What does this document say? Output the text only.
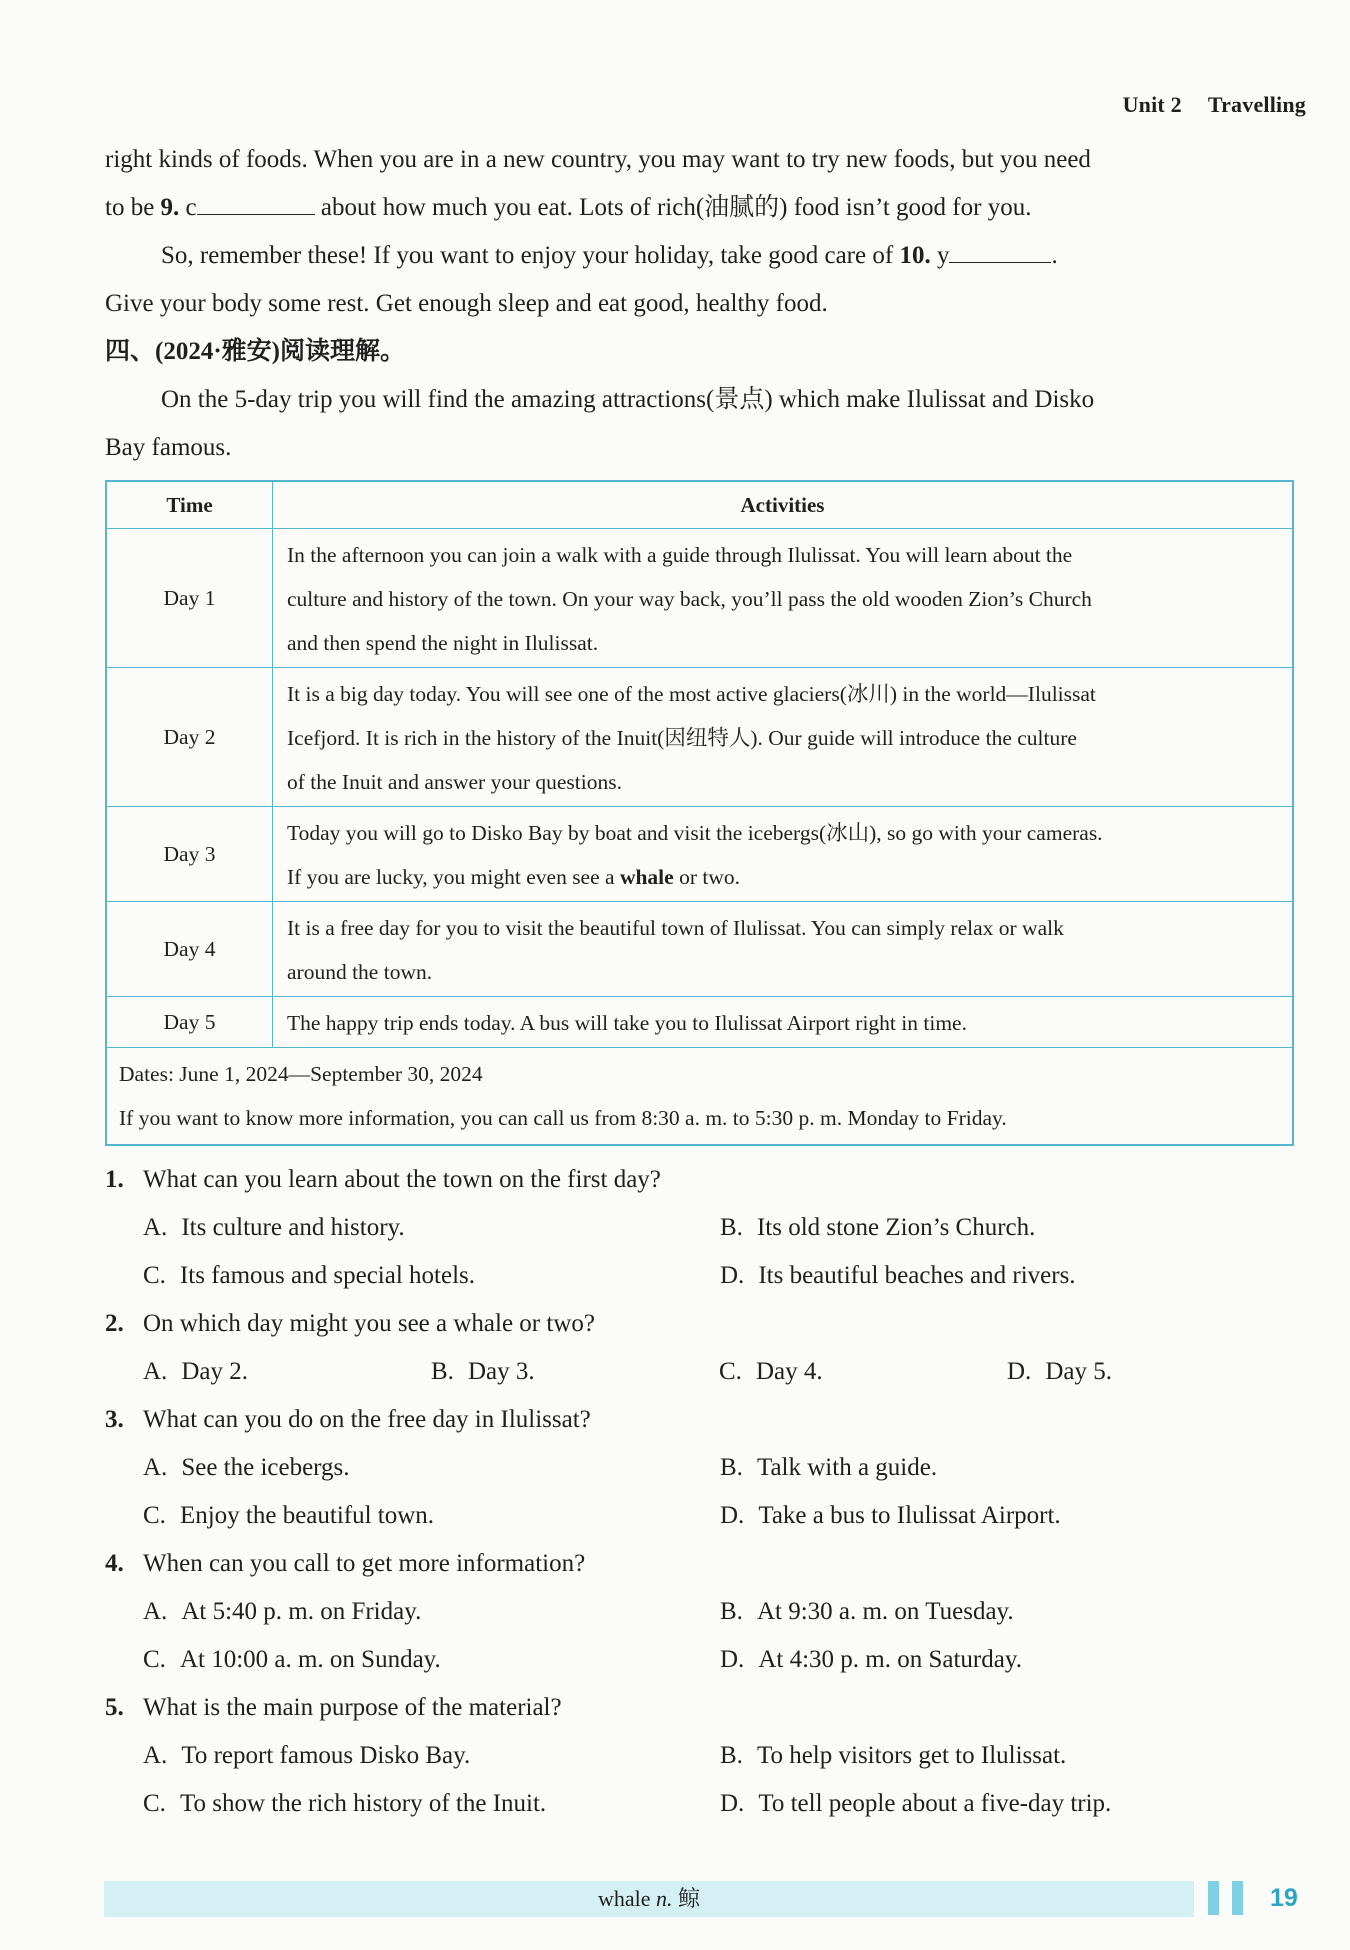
Unit 2 Travelling

right kinds of foods. When you are in a new country, you may want to try new foods, but you need

to be 9. c	about how much you eat. Lots of rich(油腻的) food isn’t good for you.

So, remember these! If you want to enjoy your holiday, take good care of 10. y	.

Give your body some rest. Get enough sleep and eat good, healthy food.

四、(2024·雅安)阅读理解。

On the 5-day trip you will find the amazing attractions(景点) which make Ilulissat and Disko

Bay famous.

Time	Activities
Day 1	In the afternoon you can join a walk with a guide through Ilulissat. You will learn about the
culture and history of the town. On your way back, you’ll pass the old wooden Zion’s Church
and then spend the night in Ilulissat.

Day 2	It is a big day today. You will see one of the most active glaciers(冰川) in the world—Ilulissat
Icefjord. It is rich in the history of the Inuit(因纽特人). Our guide will introduce the culture
of the Inuit and answer your questions.

Day 3	Today you will go to Disko Bay by boat and visit the icebergs(冰山), so go with your cameras.
If you are lucky, you might even see a whale or two.

Day 4	It is a free day for you to visit the beautiful town of Ilulissat. You can simply relax or walk
around the town.

Day 5	The happy trip ends today. A bus will take you to Ilulissat Airport right in time.

Dates: June 1, 2024—September 30, 2024
If you want to know more information, you can call us from 8:30 a. m. to 5:30 p. m. Monday to Friday.	

1. What can you learn about the town on the first day?

A. Its culture and history.	B. Its old stone Zion’s Church.
C. Its famous and special hotels.	D. Its beautiful beaches and rivers.

2. On which day might you see a whale or two?

A. Day 2.	B. Day 3.	C. Day 4.	D. Day 5.

3. What can you do on the free day in Ilulissat?

A. See the icebergs.	B. Talk with a guide.
C. Enjoy the beautiful town.	D. Take a bus to Ilulissat Airport.

4. When can you call to get more information?

A. At 5:40 p. m. on Friday.	B. At 9:30 a. m. on Tuesday.
C. At 10:00 a. m. on Sunday.	D. At 4:30 p. m. on Saturday.

5. What is the main purpose of the material?

A. To report famous Disko Bay.	B. To help visitors get to Ilulissat.
C. To show the rich history of the Inuit.	D. To tell people about a five-day trip.
whale n. 鲸	19
